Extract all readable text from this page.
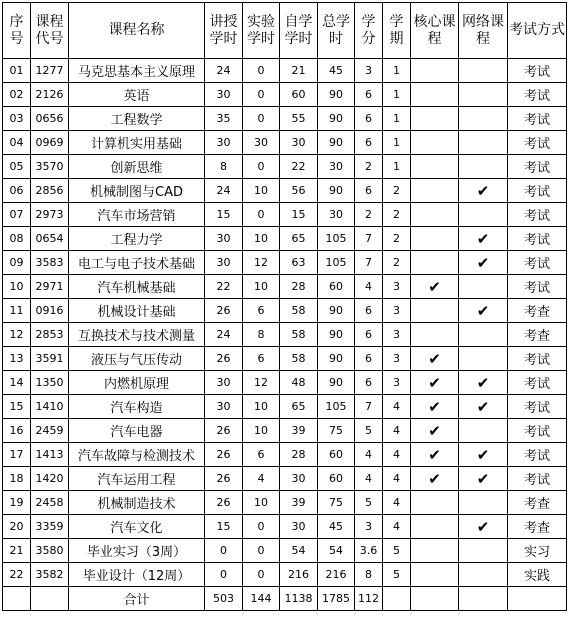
序号	课程代号	课程名称	讲授学时	实验学时	自学学时	总学时	学分	学期	核心课程	网络课程	考试方式
01	1277	马克思基本主义原理	24	0	21	45	3	1			考试
02	2126	英语	30	0	60	90	6	1			考试
03	0656	工程数学	35	0	55	90	6	1			考试
04	0969	计算机实用基础	30	30	30	90	6	1			考试
05	3570	创新思维	8	0	22	30	2	1			考试
06	2856	机械制图与CAD	24	10	56	90	6	2		✔	考试
07	2973	汽车市场营销	15	0	15	30	2	2			考试
08	0654	工程力学	30	10	65	105	7	2		✔	考试
09	3583	电工与电子技术基础	30	12	63	105	7	2		✔	考试
10	2971	汽车机械基础	22	10	28	60	4	3	✔		考试
11	0916	机械设计基础	26	6	58	90	6	3		✔	考查
12	2853	互换技术与技术测量	24	8	58	90	6	3			考查
13	3591	液压与气压传动	26	6	58	90	6	3	✔		考试
14	1350	内燃机原理	30	12	48	90	6	3	✔	✔	考试
15	1410	汽车构造	30	10	65	105	7	4	✔	✔	考试
16	2459	汽车电器	26	10	39	75	5	4	✔		考试
17	1413	汽车故障与检测技术	26	6	28	60	4	4	✔	✔	考试
18	1420	汽车运用工程	26	4	30	60	4	4	✔	✔	考试
19	2458	机械制造技术	26	10	39	75	5	4			考查
20	3359	汽车文化	15	0	30	45	3	4		✔	考查
21	3580	毕业实习（3周）	0	0	54	54	3.6	5			实习
22	3582	毕业设计（12周）	0	0	216	216	8	5			实践
		合计	503	144	1138	1785	112				
